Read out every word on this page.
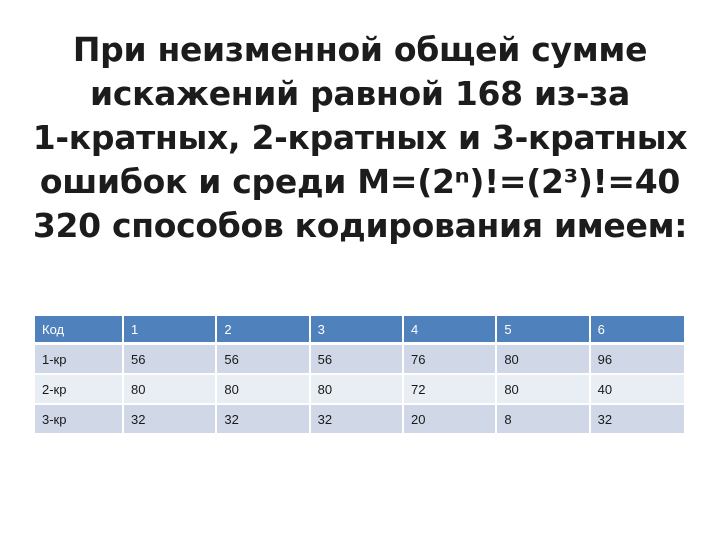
При неизменной общей сумме
искажений равной 168 из-за
1-кратных, 2-кратных и 3-кратных
ошибок и среди М=(2ⁿ)!=(2³)!=40
320 способов кодирования имеем:
Код	1	2	3	4	5	6
1-кр	56	56	56	76	80	96
2-кр	80	80	80	72	80	40
3-кр	32	32	32	20	8	32
